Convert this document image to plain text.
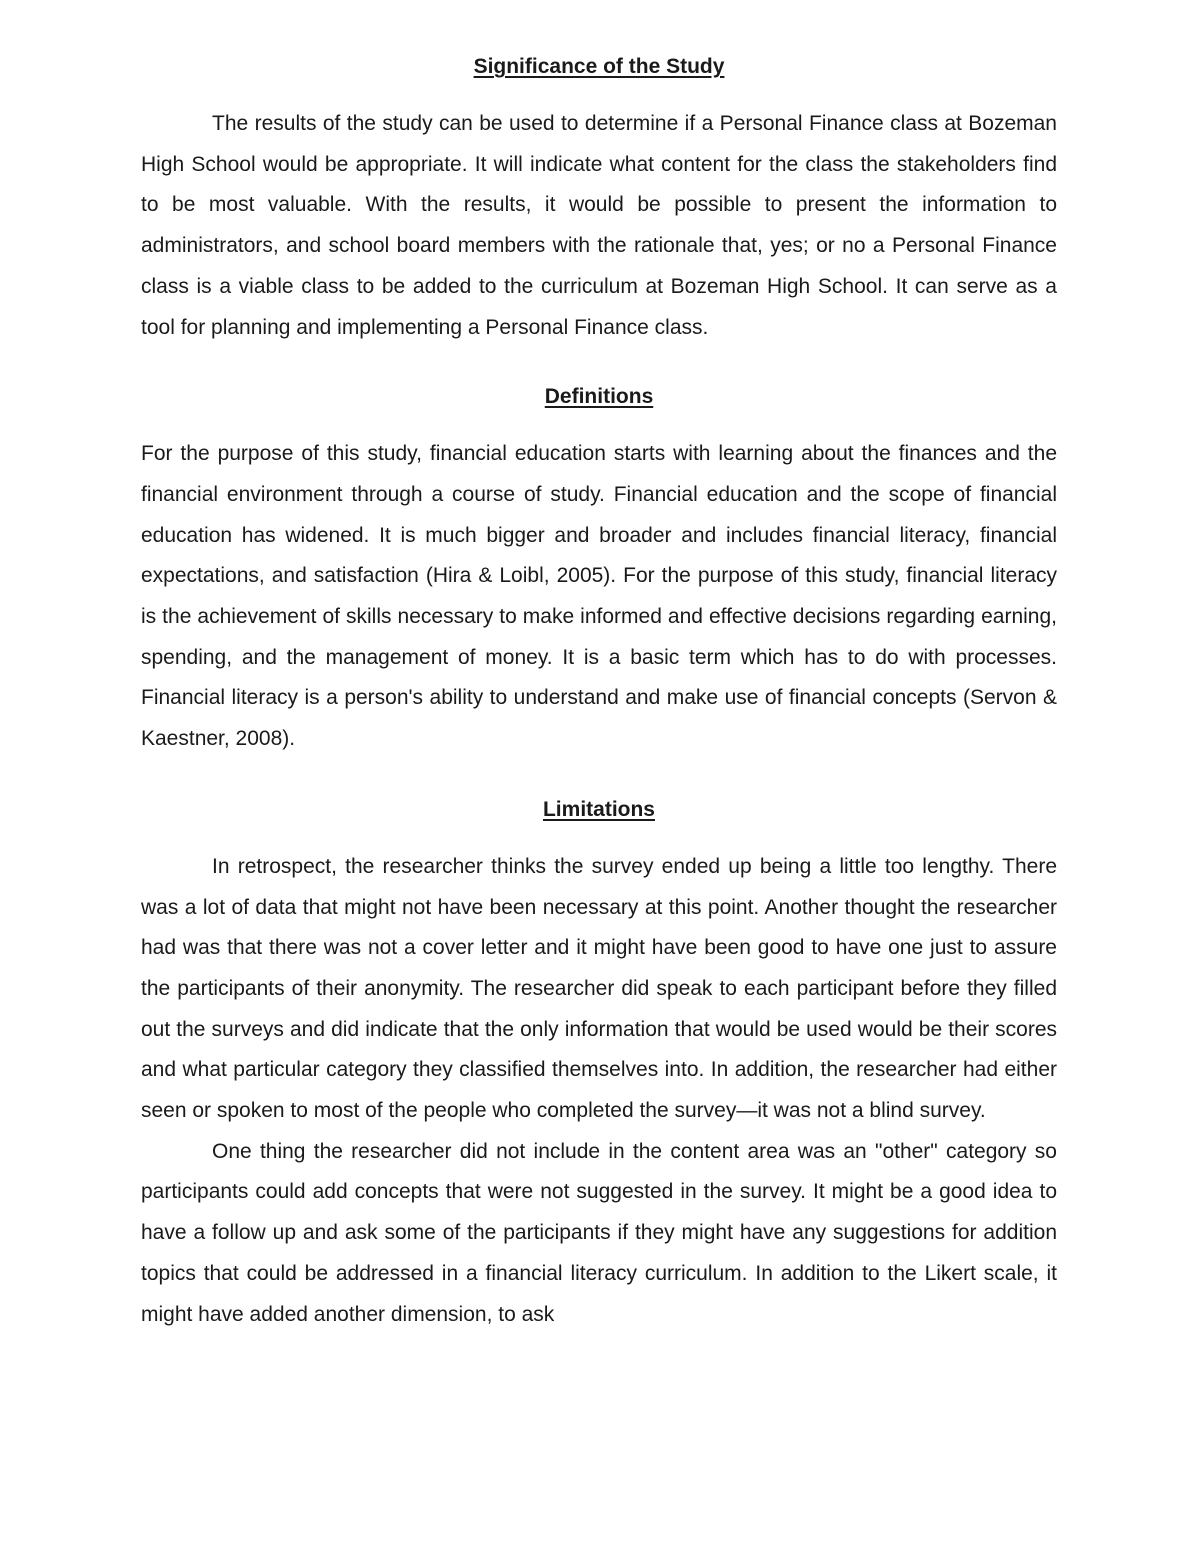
Significance of the Study

The results of the study can be used to determine if a Personal Finance class at Bozeman High School would be appropriate. It will indicate what content for the class the stakeholders find to be most valuable. With the results, it would be possible to present the information to administrators, and school board members with the rationale that, yes; or no a Personal Finance class is a viable class to be added to the curriculum at Bozeman High School. It can serve as a tool for planning and implementing a Personal Finance class.

Definitions

For the purpose of this study, financial education starts with learning about the finances and the financial environment through a course of study. Financial education and the scope of financial education has widened. It is much bigger and broader and includes financial literacy, financial expectations, and satisfaction (Hira & Loibl, 2005). For the purpose of this study, financial literacy is the achievement of skills necessary to make informed and effective decisions regarding earning, spending, and the management of money. It is a basic term which has to do with processes. Financial literacy is a person's ability to understand and make use of financial concepts (Servon & Kaestner, 2008).

Limitations

In retrospect, the researcher thinks the survey ended up being a little too lengthy. There was a lot of data that might not have been necessary at this point. Another thought the researcher had was that there was not a cover letter and it might have been good to have one just to assure the participants of their anonymity. The researcher did speak to each participant before they filled out the surveys and did indicate that the only information that would be used would be their scores and what particular category they classified themselves into. In addition, the researcher had either seen or spoken to most of the people who completed the survey—it was not a blind survey.

One thing the researcher did not include in the content area was an "other" category so participants could add concepts that were not suggested in the survey. It might be a good idea to have a follow up and ask some of the participants if they might have any suggestions for addition topics that could be addressed in a financial literacy curriculum. In addition to the Likert scale, it might have added another dimension, to ask
